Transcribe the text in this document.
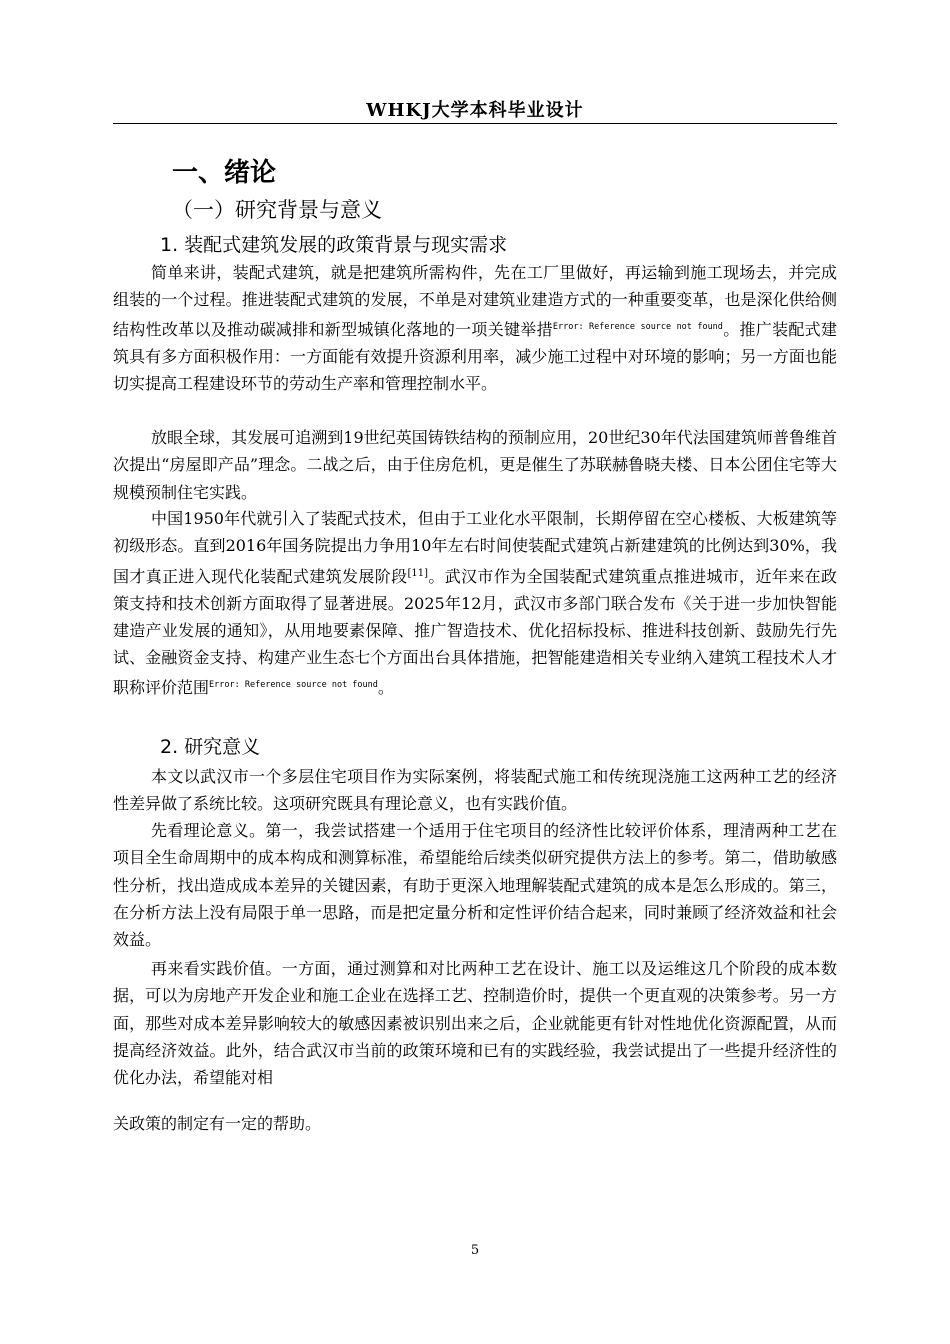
WHKJ大学本科毕业设计
一、绪论
（一）研究背景与意义
1. 装配式建筑发展的政策背景与现实需求
简单来讲，装配式建筑，就是把建筑所需构件，先在工厂里做好，再运输到施工现场去，并完成组装的一个过程。推进装配式建筑的发展，不单是对建筑业建造方式的一种重要变革，也是深化供给侧结构性改革以及推动碳减排和新型城镇化落地的一项关键举措$^{Error: Reference source not found}$。推广装配式建筑具有多方面积极作用：一方面能有效提升资源利用率，减少施工过程中对环境的影响；另一方面也能切实提高工程建设环节的劳动生产率和管理控制水平。
放眼全球，其发展可追溯到19世纪英国铸铁结构的预制应用，20世纪30年代法国建筑师普鲁维首次提出“房屋即产品”理念。二战之后，由于住房危机，更是催生了苏联赫鲁晓夫楼、日本公团住宅等大规模预制住宅实践。
中国1950年代就引入了装配式技术，但由于工业化水平限制，长期停留在空心楼板、大板建筑等初级形态。直到2016年国务院提出力争用10年左右时间使装配式建筑占新建建筑的比例达到30%，我国才真正进入现代化装配式建筑发展阶段[11]。武汉市作为全国装配式建筑重点推进城市，近年来在政策支持和技术创新方面取得了显著进展。2025年12月，武汉市多部门联合发布《关于进一步加快智能建造产业发展的通知》，从用地要素保障、推广智造技术、优化招标投标、推进科技创新、鼓励先行先试、金融资金支持、构建产业生态七个方面出台具体措施，把智能建造相关专业纳入建筑工程技术人才职称评价范围$^{Error: Reference source not found}$。
2. 研究意义
本文以武汉市一个多层住宅项目作为实际案例，将装配式施工和传统现浇施工这两种工艺的经济性差异做了系统比较。这项研究既具有理论意义，也有实践价值。
先看理论意义。第一，我尝试搭建一个适用于住宅项目的经济性比较评价体系，理清两种工艺在项目全生命周期中的成本构成和测算标准，希望能给后续类似研究提供方法上的参考。第二，借助敏感性分析，找出造成成本差异的关键因素，有助于更深入地理解装配式建筑的成本是怎么形成的。第三，在分析方法上没有局限于单一思路，而是把定量分析和定性评价结合起来，同时兼顾了经济效益和社会效益。
再来看实践价值。一方面，通过测算和对比两种工艺在设计、施工以及运维这几个阶段的成本数据，可以为房地产开发企业和施工企业在选择工艺、控制造价时，提供一个更直观的决策参考。另一方面，那些对成本差异影响较大的敏感因素被识别出来之后，企业就能更有针对性地优化资源配置，从而提高经济效益。此外，结合武汉市当前的政策环境和已有的实践经验，我尝试提出了一些提升经济性的优化办法，希望能对相
关政策的制定有一定的帮助。
5
